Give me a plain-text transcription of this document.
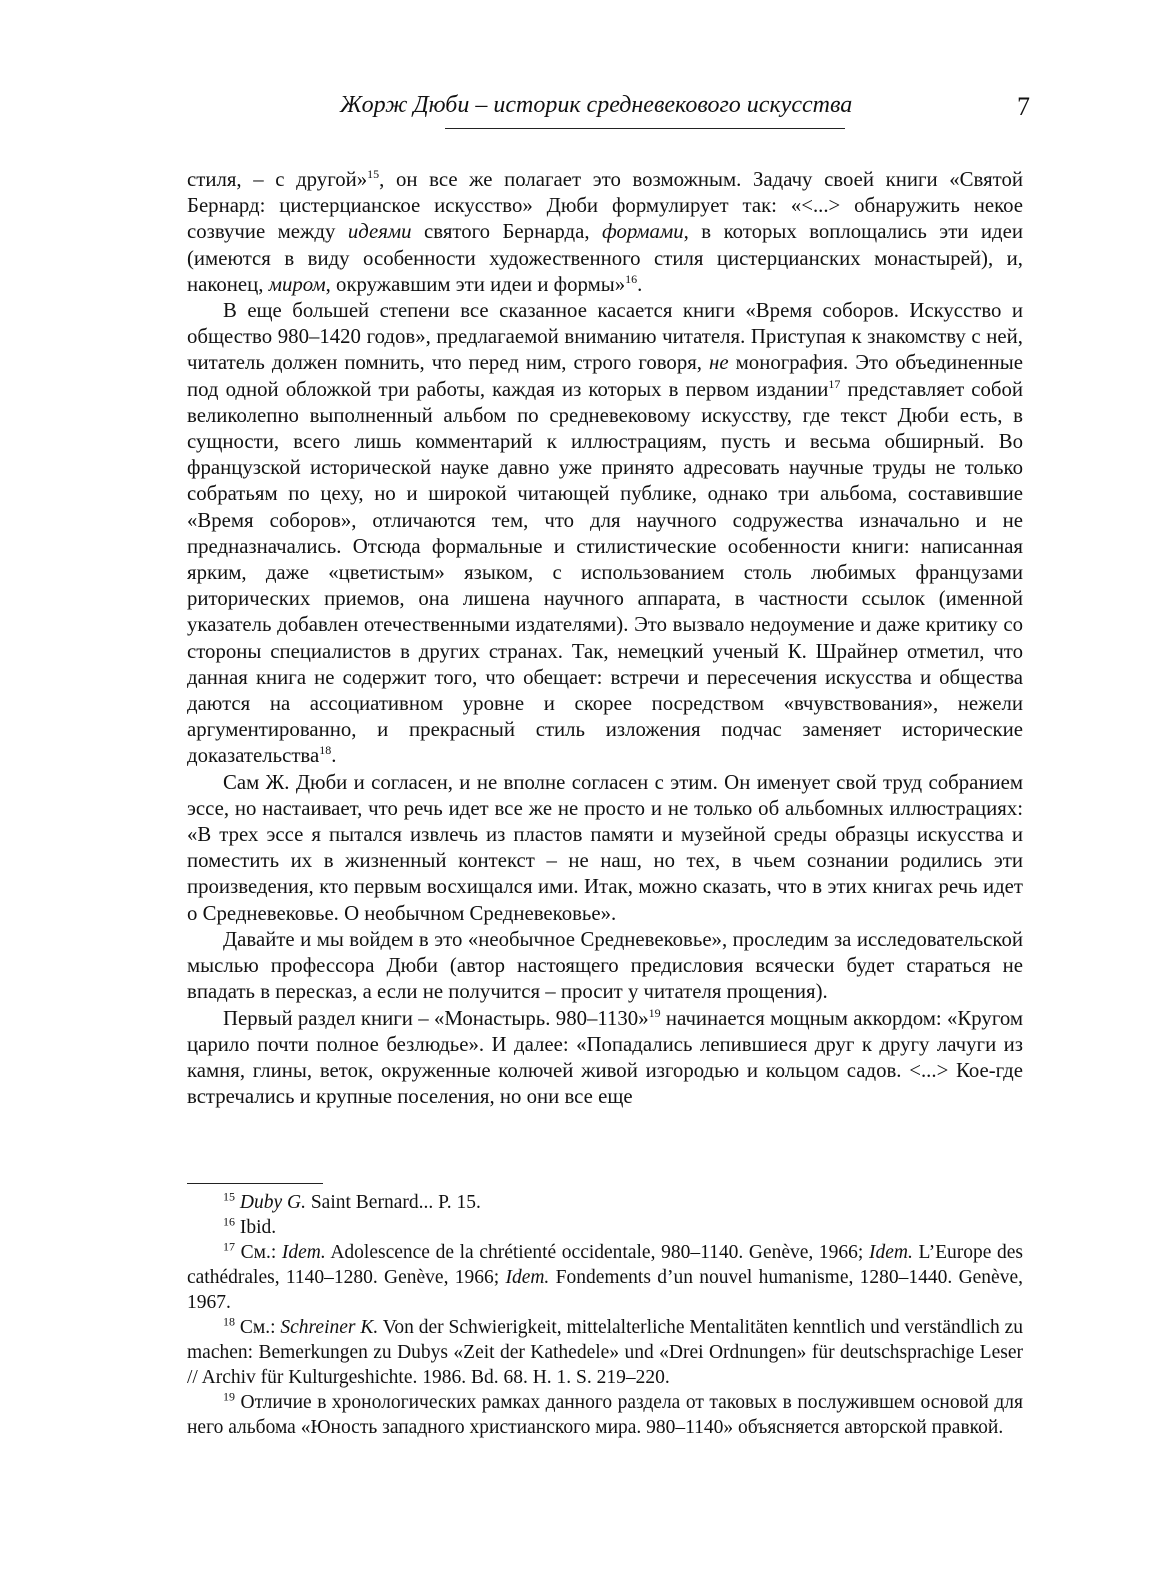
Жорж Дюби – историк средневекового искусства	7

стиля, – с другой»$^{15}$, он все же полагает это возможным. Задачу своей книги «Святой Бернард: цистерцианское искусство» Дюби формулирует так: «<...> обнаружить некое созвучие между идеями святого Бернарда, формами, в которых воплощались эти идеи (имеются в виду особенности художественного стиля цистерцианских монастырей), и, наконец, миром, окружавшим эти идеи и формы»$^{16}$.

В еще большей степени все сказанное касается книги «Время соборов. Искусство и общество 980–1420 годов», предлагаемой вниманию читателя. Приступая к знакомству с ней, читатель должен помнить, что перед ним, строго говоря, не монография. Это объединенные под одной обложкой три работы, каждая из которых в первом издании$^{17}$ представляет собой великолепно выполненный альбом по средневековому искусству, где текст Дюби есть, в сущности, всего лишь комментарий к иллюстрациям, пусть и весьма обширный. Во французской исторической науке давно уже принято адресовать научные труды не только собратьям по цеху, но и широкой читающей публике, однако три альбома, составившие «Время соборов», отличаются тем, что для научного содружества изначально и не предназначались. Отсюда формальные и стилистические особенности книги: написанная ярким, даже «цветистым» языком, с использованием столь любимых французами риторических приемов, она лишена научного аппарата, в частности ссылок (именной указатель добавлен отечественными издателями). Это вызвало недоумение и даже критику со стороны специалистов в других странах. Так, немецкий ученый К. Шрайнер отметил, что данная книга не содержит того, что обещает: встречи и пересечения искусства и общества даются на ассоциативном уровне и скорее посредством «вчувствования», нежели аргументированно, и прекрасный стиль изложения подчас заменяет исторические доказательства$^{18}$.

Сам Ж. Дюби и согласен, и не вполне согласен с этим. Он именует свой труд собранием эссе, но настаивает, что речь идет все же не просто и не только об альбомных иллюстрациях: «В трех эссе я пытался извлечь из пластов памяти и музейной среды образцы искусства и поместить их в жизненный контекст – не наш, но тех, в чьем сознании родились эти произведения, кто первым восхищался ими. Итак, можно сказать, что в этих книгах речь идет о Средневековье. О необычном Средневековье».

Давайте и мы войдем в это «необычное Средневековье», проследим за исследовательской мыслью профессора Дюби (автор настоящего предисловия всячески будет стараться не впадать в пересказ, а если не получится – просит у читателя прощения).

Первый раздел книги – «Монастырь. 980–1130»$^{19}$ начинается мощным аккордом: «Кругом царило почти полное безлюдье». И далее: «Попадались лепившиеся друг к другу лачуги из камня, глины, веток, окруженные колючей живой изгородью и кольцом садов. <...> Кое-где встречались и крупные поселения, но они все еще

$^{15}$ Duby G. Saint Bernard... P. 15.

$^{16}$ Ibid.

$^{17}$ См.: Idem. Adolescence de la chrétienté occidentale, 980–1140. Genève, 1966; Idem. L’Europe des cathédrales, 1140–1280. Genève, 1966; Idem. Fondements d’un nouvel humanisme, 1280–1440. Genève, 1967.

$^{18}$ См.: Schreiner K. Von der Schwierigkeit, mittelalterliche Mentalitäten kenntlich und verständlich zu machen: Bemerkungen zu Dubys «Zeit der Kathedele» und «Drei Ordnungen» für deutschsprachige Leser // Archiv für Kulturgeshichte. 1986. Bd. 68. H. 1. S. 219–220.

$^{19}$ Отличие в хронологических рамках данного раздела от таковых в послужившем основой для него альбома «Юность западного христианского мира. 980–1140» объясняется авторской правкой.
